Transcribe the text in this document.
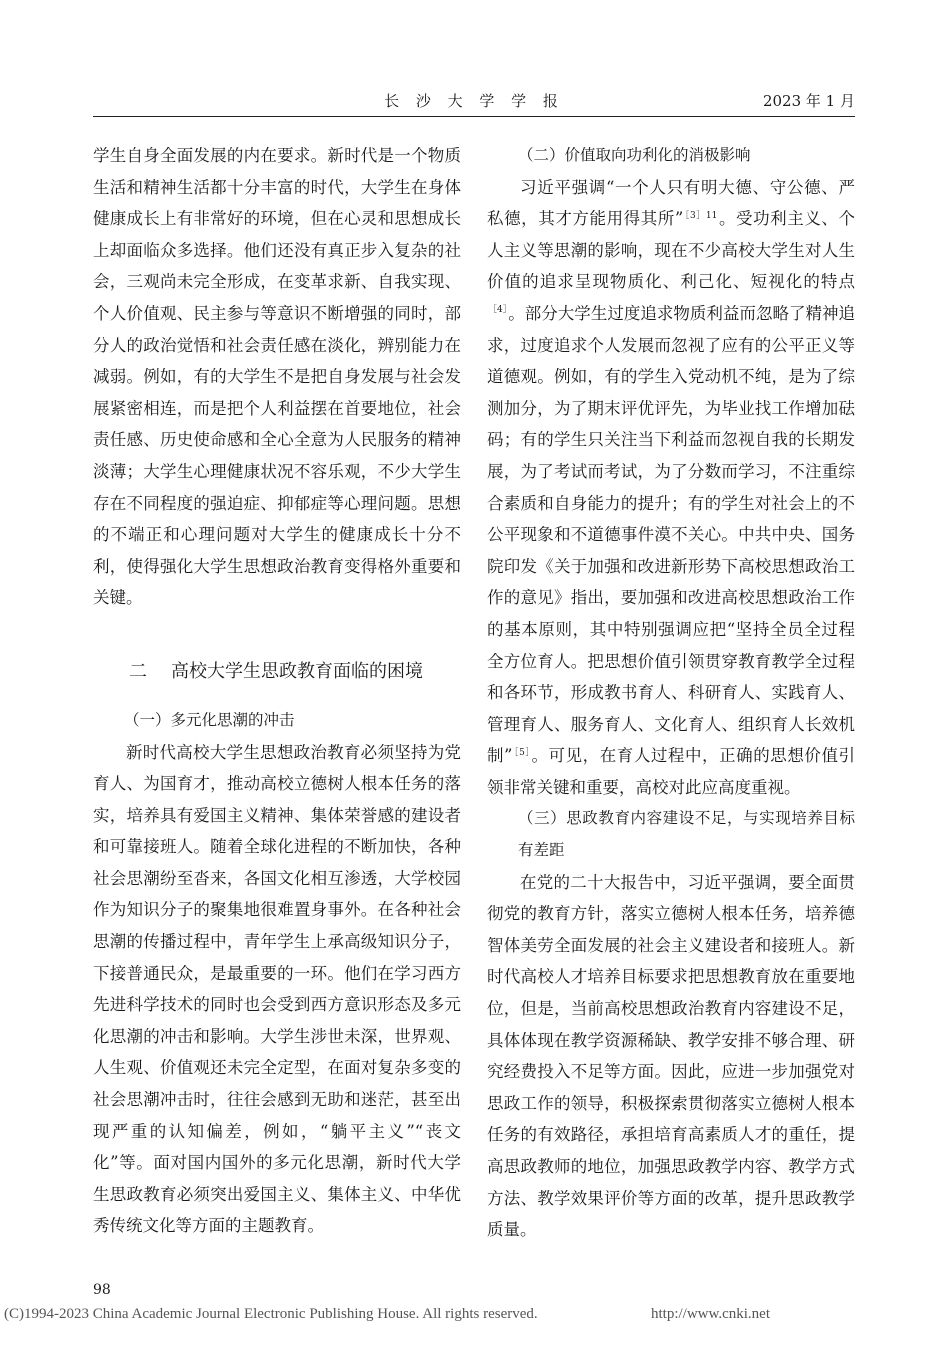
长 沙 大 学 学 报	2023 年 1 月

学生自身全面发展的内在要求。新时代是一个物质生活和精神生活都十分丰富的时代，大学生在身体健康成长上有非常好的环境，但在心灵和思想成长上却面临众多选择。他们还没有真正步入复杂的社会，三观尚未完全形成，在变革求新、自我实现、个人价值观、民主参与等意识不断增强的同时，部分人的政治觉悟和社会责任感在淡化，辨别能力在减弱。例如，有的大学生不是把自身发展与社会发展紧密相连，而是把个人利益摆在首要地位，社会责任感、历史使命感和全心全意为人民服务的精神淡薄；大学生心理健康状况不容乐观，不少大学生存在不同程度的强迫症、抑郁症等心理问题。思想的不端正和心理问题对大学生的健康成长十分不利，使得强化大学生思想政治教育变得格外重要和关键。

二 高校大学生思政教育面临的困境
（一）多元化思潮的冲击

新时代高校大学生思想政治教育必须坚持为党育人、为国育才，推动高校立德树人根本任务的落实，培养具有爱国主义精神、集体荣誉感的建设者和可靠接班人。随着全球化进程的不断加快，各种社会思潮纷至沓来，各国文化相互渗透，大学校园作为知识分子的聚集地很难置身事外。在各种社会思潮的传播过程中，青年学生上承高级知识分子，下接普通民众，是最重要的一环。他们在学习西方先进科学技术的同时也会受到西方意识形态及多元化思潮的冲击和影响。大学生涉世未深，世界观、人生观、价值观还未完全定型，在面对复杂多变的社会思潮冲击时，往往会感到无助和迷茫，甚至出现严重的认知偏差，例如，“躺平主义”“丧文化”等。面对国内国外的多元化思潮，新时代大学生思政教育必须突出爱国主义、集体主义、中华优秀传统文化等方面的主题教育。

（二）价值取向功利化的消极影响

习近平强调“一个人只有明大德、守公德、严私德，其才方能用得其所”$^{[3]11}$。受功利主义、个人主义等思潮的影响，现在不少高校大学生对人生价值的追求呈现物质化、利己化、短视化的特点$^{[4]}$。部分大学生过度追求物质利益而忽略了精神追求，过度追求个人发展而忽视了应有的公平正义等道德观。例如，有的学生入党动机不纯，是为了综测加分，为了期末评优评先，为毕业找工作增加砝码；有的学生只关注当下利益而忽视自我的长期发展，为了考试而考试，为了分数而学习，不注重综合素质和自身能力的提升；有的学生对社会上的不公平现象和不道德事件漠不关心。中共中央、国务院印发《关于加强和改进新形势下高校思想政治工作的意见》指出，要加强和改进高校思想政治工作的基本原则，其中特别强调应把“坚持全员全过程全方位育人。把思想价值引领贯穿教育教学全过程和各环节，形成教书育人、科研育人、实践育人、管理育人、服务育人、文化育人、组织育人长效机制”$^{[5]}$。可见，在育人过程中，正确的思想价值引领非常关键和重要，高校对此应高度重视。

（三）思政教育内容建设不足，与实现培养目标有差距

在党的二十大报告中，习近平强调，要全面贯彻党的教育方针，落实立德树人根本任务，培养德智体美劳全面发展的社会主义建设者和接班人。新时代高校人才培养目标要求把思想教育放在重要地位，但是，当前高校思想政治教育内容建设不足，具体体现在教学资源稀缺、教学安排不够合理、研究经费投入不足等方面。因此，应进一步加强党对思政工作的领导，积极探索贯彻落实立德树人根本任务的有效路径，承担培育高素质人才的重任，提高思政教师的地位，加强思政教学内容、教学方式方法、教学效果评价等方面的改革，提升思政教学质量。

98
(C)1994-2023 China Academic Journal Electronic Publishing House. All rights reserved.	http://www.cnki.net
